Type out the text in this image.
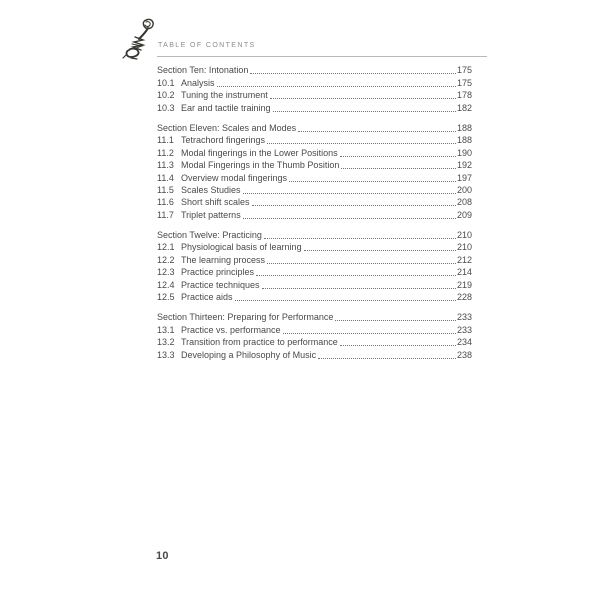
TABLE OF CONTENTS
Section Ten: Intonation	175
10.1 Analysis	175
10.2 Tuning the instrument	178
10.3 Ear and tactile training	182
Section Eleven: Scales and Modes	188
11.1 Tetrachord fingerings	188
11.2 Modal fingerings in the Lower Positions	190
11.3 Modal Fingerings in the Thumb Position	192
11.4 Overview modal fingerings	197
11.5 Scales Studies	200
11.6 Short shift scales	208
11.7 Triplet patterns	209
Section Twelve: Practicing	210
12.1 Physiological basis of learning	210
12.2 The learning process	212
12.3 Practice principles	214
12.4 Practice techniques	219
12.5 Practice aids	228
Section Thirteen: Preparing for Performance	233
13.1 Practice vs. performance	233
13.2 Transition from practice to performance	234
13.3 Developing a Philosophy of Music	238
10
